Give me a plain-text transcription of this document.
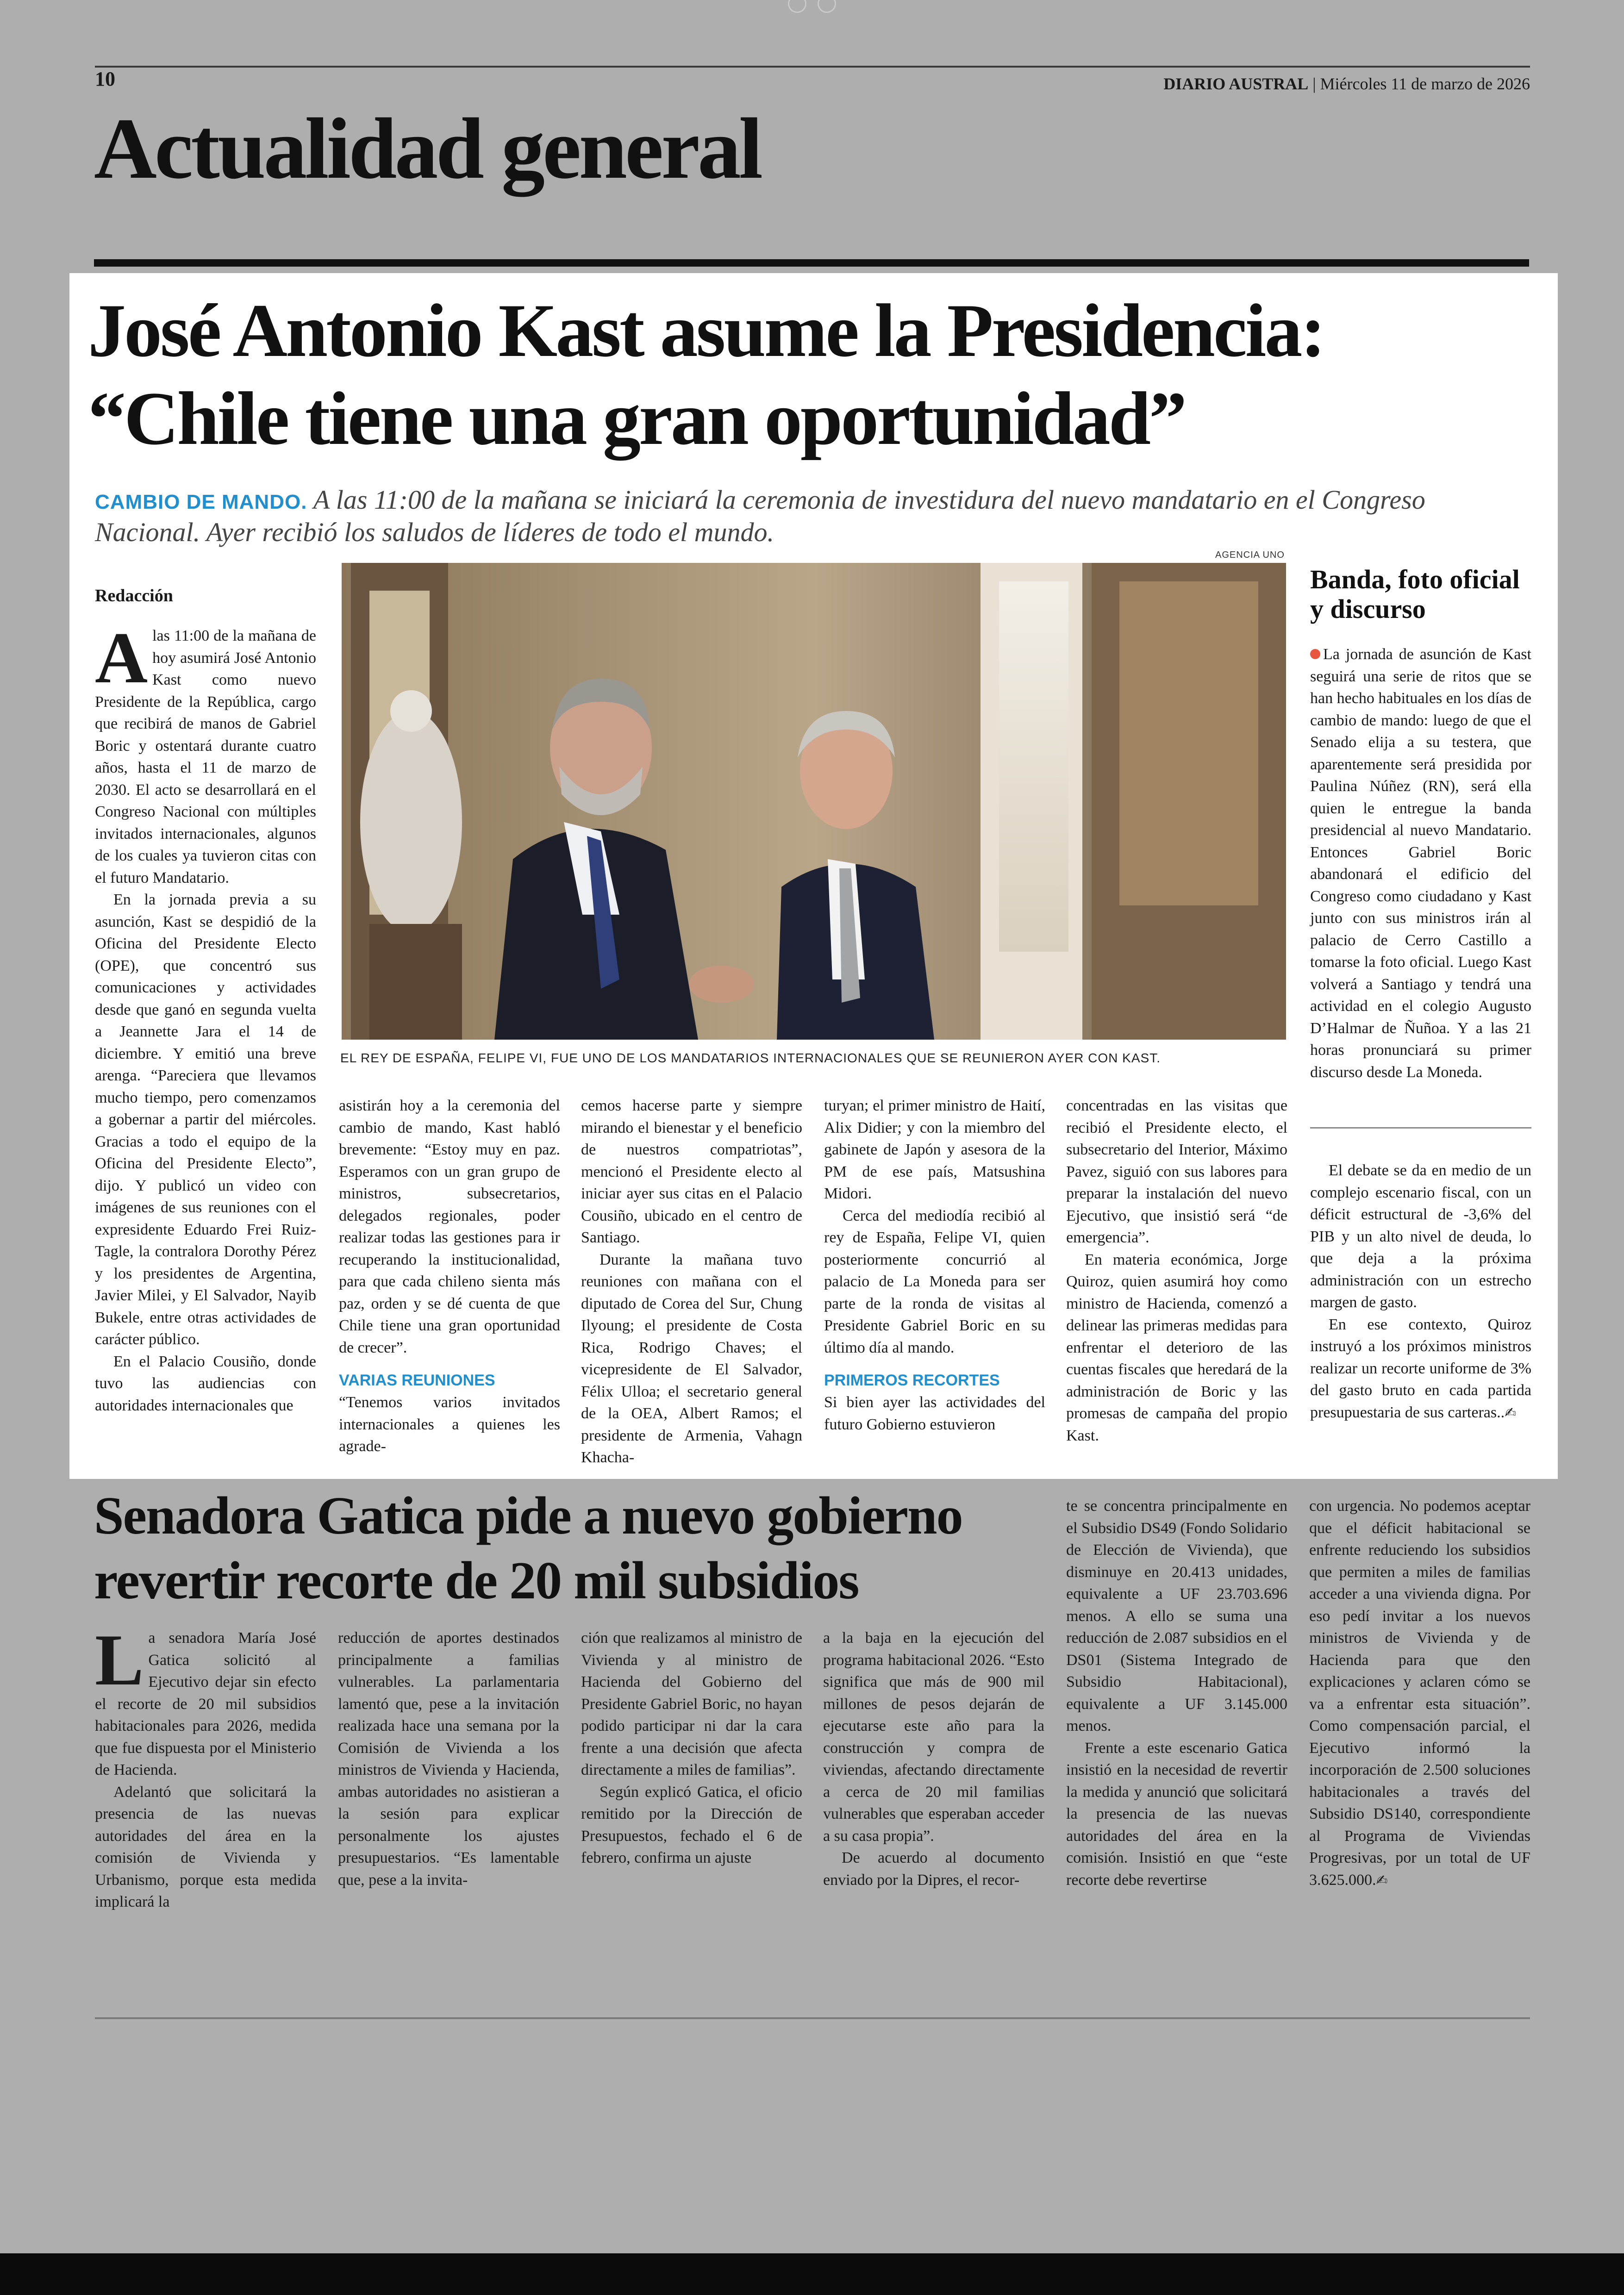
10	DIARIO AUSTRAL | Miércoles 11 de marzo de 2026
Actualidad general
José Antonio Kast asume la Presidencia:
“Chile tiene una gran oportunidad”
CAMBIO DE MANDO. A las 11:00 de la mañana se iniciará la ceremonia de investidura del nuevo mandatario en el Congreso Nacional. Ayer recibió los saludos de líderes de todo el mundo.
AGENCIA UNO
Redacción
EL REY DE ESPAÑA, FELIPE VI, FUE UNO DE LOS MANDATARIOS INTERNACIONALES QUE SE REUNIERON AYER CON KAST.

Alas 11:00 de la mañana de hoy asumirá José Antonio Kast como nuevo Presidente de la República, cargo que recibirá de manos de Gabriel Boric y ostentará durante cuatro años, hasta el 11 de marzo de 2030. El acto se desarrollará en el Congreso Nacional con múltiples invitados internacionales, algunos de los cuales ya tuvieron citas con el futuro Mandatario.

En la jornada previa a su asunción, Kast se despidió de la Oficina del Presidente Electo (OPE), que concentró sus comunicaciones y actividades desde que ganó en segunda vuelta a Jeannette Jara el 14 de diciembre. Y emitió una breve arenga. “Pareciera que llevamos mucho tiempo, pero comenzamos a gobernar a partir del miércoles. Gracias a todo el equipo de la Oficina del Presidente Electo”, dijo. Y publicó un video con imágenes de sus reuniones con el expresidente Eduardo Frei Ruiz-Tagle, la contralora Dorothy Pérez y los presidentes de Argentina, Javier Milei, y El Salvador, Nayib Bukele, entre otras actividades de carácter público.

En el Palacio Cousiño, donde tuvo las audiencias con autoridades internacionales que

asistirán hoy a la ceremonia del cambio de mando, Kast habló brevemente: “Estoy muy en paz. Esperamos con un gran grupo de ministros, subsecretarios, delegados regionales, poder realizar todas las gestiones para ir recuperando la institucionalidad, para que cada chileno sienta más paz, orden y se dé cuenta de que Chile tiene una gran oportunidad de crecer”.

VARIAS REUNIONES

“Tenemos varios invitados internacionales a quienes les agrade-

cemos hacerse parte y siempre mirando el bienestar y el beneficio de nuestros compatriotas”, mencionó el Presidente electo al iniciar ayer sus citas en el Palacio Cousiño, ubicado en el centro de Santiago.

Durante la mañana tuvo reuniones con mañana con el diputado de Corea del Sur, Chung Ilyoung; el presidente de Costa Rica, Rodrigo Chaves; el vicepresidente de El Salvador, Félix Ulloa; el secretario general de la OEA, Albert Ramos; el presidente de Armenia, Vahagn Khacha-

turyan; el primer ministro de Haití, Alix Didier; y con la miembro del gabinete de Japón y asesora de la PM de ese país, Matsushina Midori.

Cerca del mediodía recibió al rey de España, Felipe VI, quien posteriormente concurrió al palacio de La Moneda para ser parte de la ronda de visitas al Presidente Gabriel Boric en su último día al mando.

PRIMEROS RECORTES

Si bien ayer las actividades del futuro Gobierno estuvieron

concentradas en las visitas que recibió el Presidente electo, el subsecretario del Interior, Máximo Pavez, siguió con sus labores para preparar la instalación del nuevo Ejecutivo, que insistió será “de emergencia”.

En materia económica, Jorge Quiroz, quien asumirá hoy como ministro de Hacienda, comenzó a delinear las primeras medidas para enfrentar el deterioro de las cuentas fiscales que heredará de la administración de Boric y las promesas de campaña del propio Kast.

Banda, foto oficial y discurso

La jornada de asunción de Kast seguirá una serie de ritos que se han hecho habituales en los días de cambio de mando: luego de que el Senado elija a su testera, que aparentemente será presidida por Paulina Núñez (RN), será ella quien le entregue la banda presidencial al nuevo Mandatario. Entonces Gabriel Boric abandonará el edificio del Congreso como ciudadano y Kast junto con sus ministros irán al palacio de Cerro Castillo a tomarse la foto oficial. Luego Kast volverá a Santiago y tendrá una actividad en el colegio Augusto D’Halmar de Ñuñoa. Y a las 21 horas pronunciará su primer discurso desde La Moneda.

El debate se da en medio de un complejo escenario fiscal, con un déficit estructural de -3,6% del PIB y un alto nivel de deuda, lo que deja a la próxima administración con un estrecho margen de gasto.

En ese contexto, Quiroz instruyó a los próximos ministros realizar un recorte uniforme de 3% del gasto bruto en cada partida presupuestaria de sus carteras..✍

Senadora Gatica pide a nuevo gobierno
revertir recorte de 20 mil subsidios

La senadora María José Gatica solicitó al Ejecutivo dejar sin efecto el recorte de 20 mil subsidios habitacionales para 2026, medida que fue dispuesta por el Ministerio de Hacienda.

Adelantó que solicitará la presencia de las nuevas autoridades del área en la comisión de Vivienda y Urbanismo, porque esta medida implicará la

reducción de aportes destinados principalmente a familias vulnerables. La parlamentaria lamentó que, pese a la invitación realizada hace una semana por la Comisión de Vivienda a los ministros de Vivienda y Hacienda, ambas autoridades no asistieran a la sesión para explicar personalmente los ajustes presupuestarios. “Es lamentable que, pese a la invita-

ción que realizamos al ministro de Vivienda y al ministro de Hacienda del Gobierno del Presidente Gabriel Boric, no hayan podido participar ni dar la cara frente a una decisión que afecta directamente a miles de familias”.

Según explicó Gatica, el oficio remitido por la Dirección de Presupuestos, fechado el 6 de febrero, confirma un ajuste

a la baja en la ejecución del programa habitacional 2026. “Esto significa que más de 900 mil millones de pesos dejarán de ejecutarse este año para la construcción y compra de viviendas, afectando directamente a cerca de 20 mil familias vulnerables que esperaban acceder a su casa propia”.

De acuerdo al documento enviado por la Dipres, el recor-

te se concentra principalmente en el Subsidio DS49 (Fondo Solidario de Elección de Vivienda), que disminuye en 20.413 unidades, equivalente a UF 23.703.696 menos. A ello se suma una reducción de 2.087 subsidios en el DS01 (Sistema Integrado de Subsidio Habitacional), equivalente a UF 3.145.000 menos.

Frente a este escenario Gatica insistió en la necesidad de revertir la medida y anunció que solicitará la presencia de las nuevas autoridades del área en la comisión. Insistió en que “este recorte debe revertirse

con urgencia. No podemos aceptar que el déficit habitacional se enfrente reduciendo los subsidios que permiten a miles de familias acceder a una vivienda digna. Por eso pedí invitar a los nuevos ministros de Vivienda y de Hacienda para que den explicaciones y aclaren cómo se va a enfrentar esta situación”. Como compensación parcial, el Ejecutivo informó la incorporación de 2.500 soluciones habitacionales a través del Subsidio DS140, correspondiente al Programa de Viviendas Progresivas, por un total de UF 3.625.000.✍
